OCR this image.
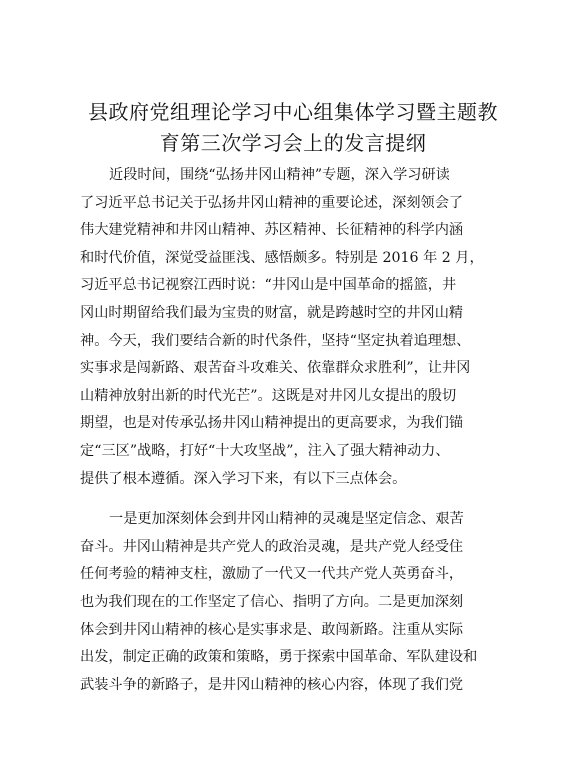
县政府党组理论学习中心组集体学习暨主题教
育第三次学习会上的发言提纲

近段时间，围绕“弘扬井冈山精神”专题，深入学习研读
了习近平总书记关于弘扬井冈山精神的重要论述，深刻领会了
伟大建党精神和井冈山精神、苏区精神、长征精神的科学内涵
和时代价值，深觉受益匪浅、感悟颇多。特别是 2016 年 2 月，
习近平总书记视察江西时说：“井冈山是中国革命的摇篮，井
冈山时期留给我们最为宝贵的财富，就是跨越时空的井冈山精
神。今天，我们要结合新的时代条件，坚持“坚定执着追理想、
实事求是闯新路、艰苦奋斗攻难关、依靠群众求胜利”，让井冈
山精神放射出新的时代光芒”。这既是对井冈儿女提出的殷切
期望，也是对传承弘扬井冈山精神提出的更高要求，为我们锚
定“三区”战略，打好“十大攻坚战”，注入了强大精神动力、
提供了根本遵循。深入学习下来，有以下三点体会。

一是更加深刻体会到井冈山精神的灵魂是坚定信念、艰苦
奋斗。井冈山精神是共产党人的政治灵魂，是共产党人经受住
任何考验的精神支柱，激励了一代又一代共产党人英勇奋斗，
也为我们现在的工作坚定了信心、指明了方向。二是更加深刻
体会到井冈山精神的核心是实事求是、敢闯新路。注重从实际
出发，制定正确的政策和策略，勇于探索中国革命、军队建设和
武装斗争的新路子，是井冈山精神的核心内容，体现了我们党
